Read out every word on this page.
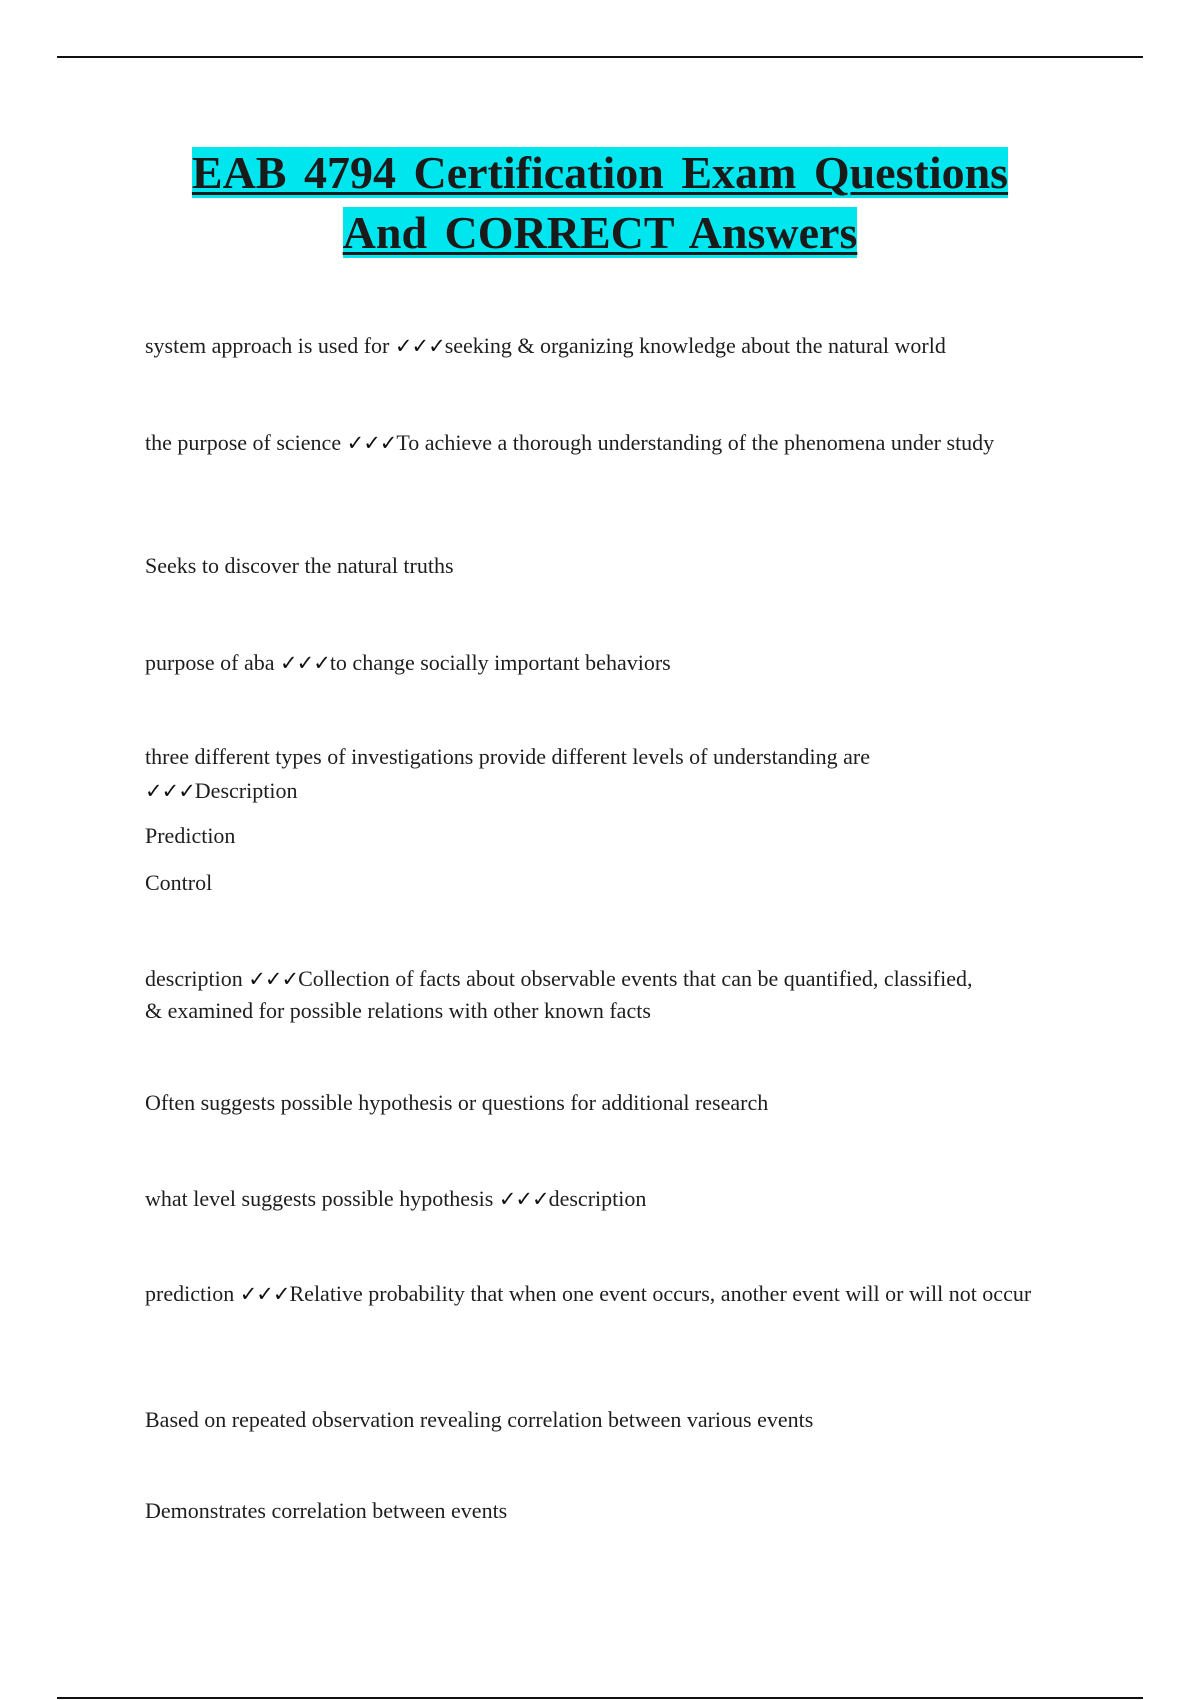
EAB 4794 Certification Exam Questions
And CORRECT Answers

system approach is used for ✓✓✓seeking & organizing knowledge about the natural world

the purpose of science ✓✓✓To achieve a thorough understanding of the phenomena under study

Seeks to discover the natural truths

purpose of aba ✓✓✓to change socially important behaviors

three different types of investigations provide different levels of understanding are ✓✓✓Description

Prediction

Control

description ✓✓✓Collection of facts about observable events that can be quantified, classified, & examined for possible relations with other known facts

Often suggests possible hypothesis or questions for additional research

what level suggests possible hypothesis ✓✓✓description

prediction ✓✓✓Relative probability that when one event occurs, another event will or will not occur

Based on repeated observation revealing correlation between various events

Demonstrates correlation between events
